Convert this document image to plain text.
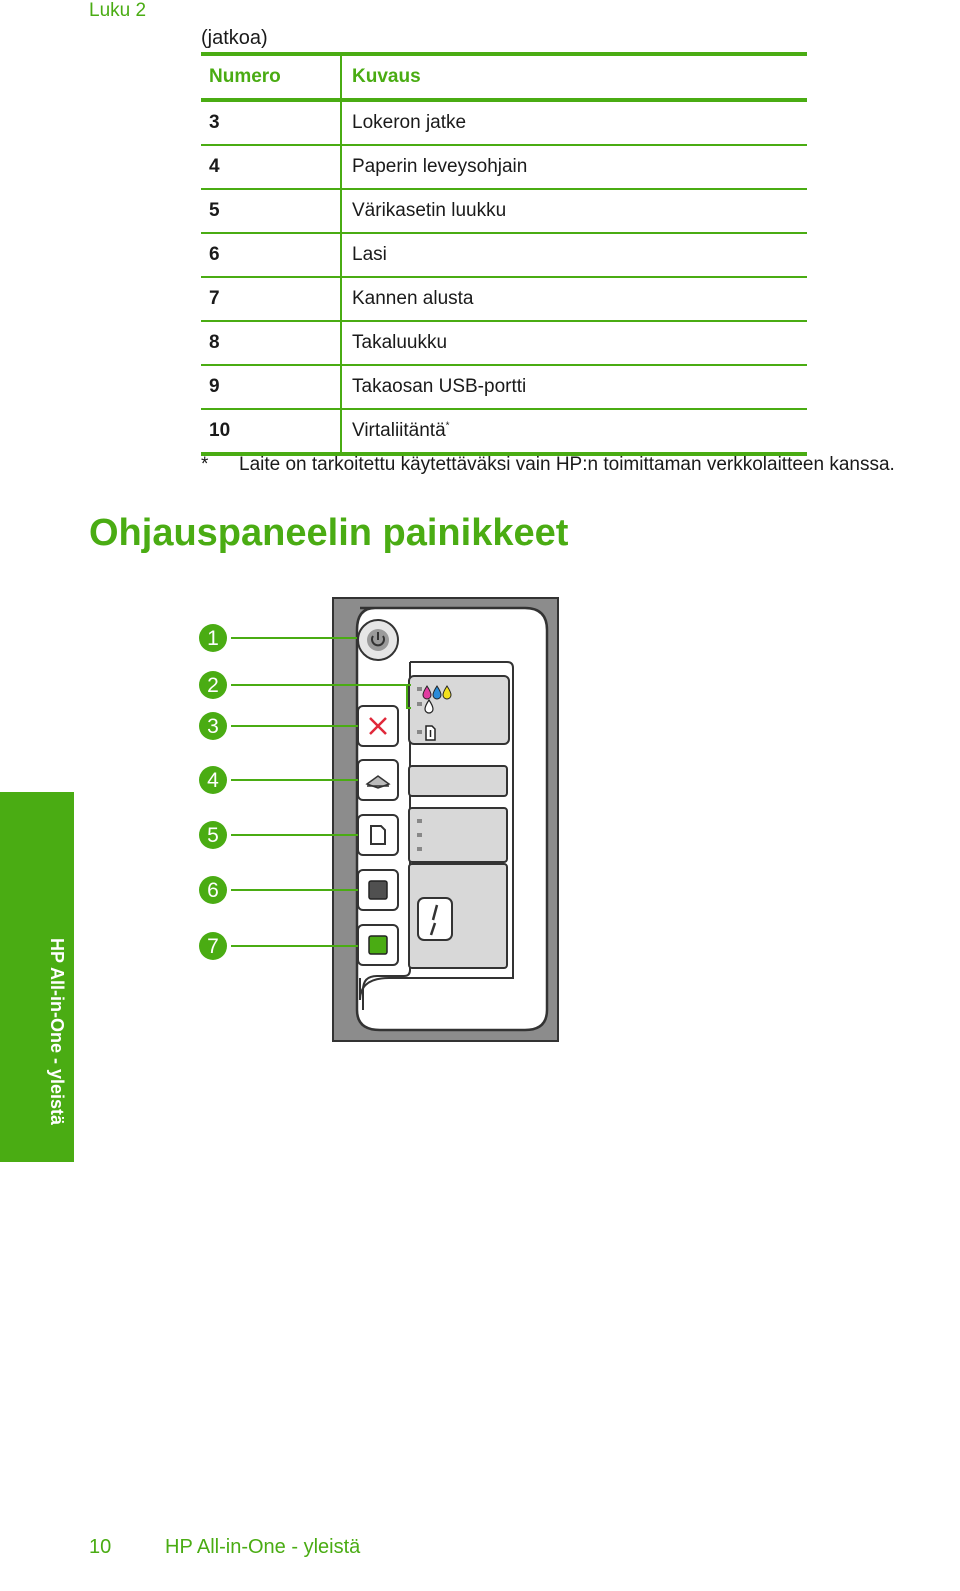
Luku 2
(jatkoa)
Numero	Kuvaus
3	Lokeron jatke
4	Paperin leveysohjain
5	Värikasetin luukku
6	Lasi
7	Kannen alusta
8	Takaluukku
9	Takaosan USB-portti
10	Virtaliitäntä*
* Laite on tarkoitettu käytettäväksi vain HP:n toimittaman verkkolaitteen kanssa.
Ohjauspaneelin painikkeet
1
2
3
4
5
6
7
HP All-in-One - yleistä
10	HP All-in-One - yleistä
